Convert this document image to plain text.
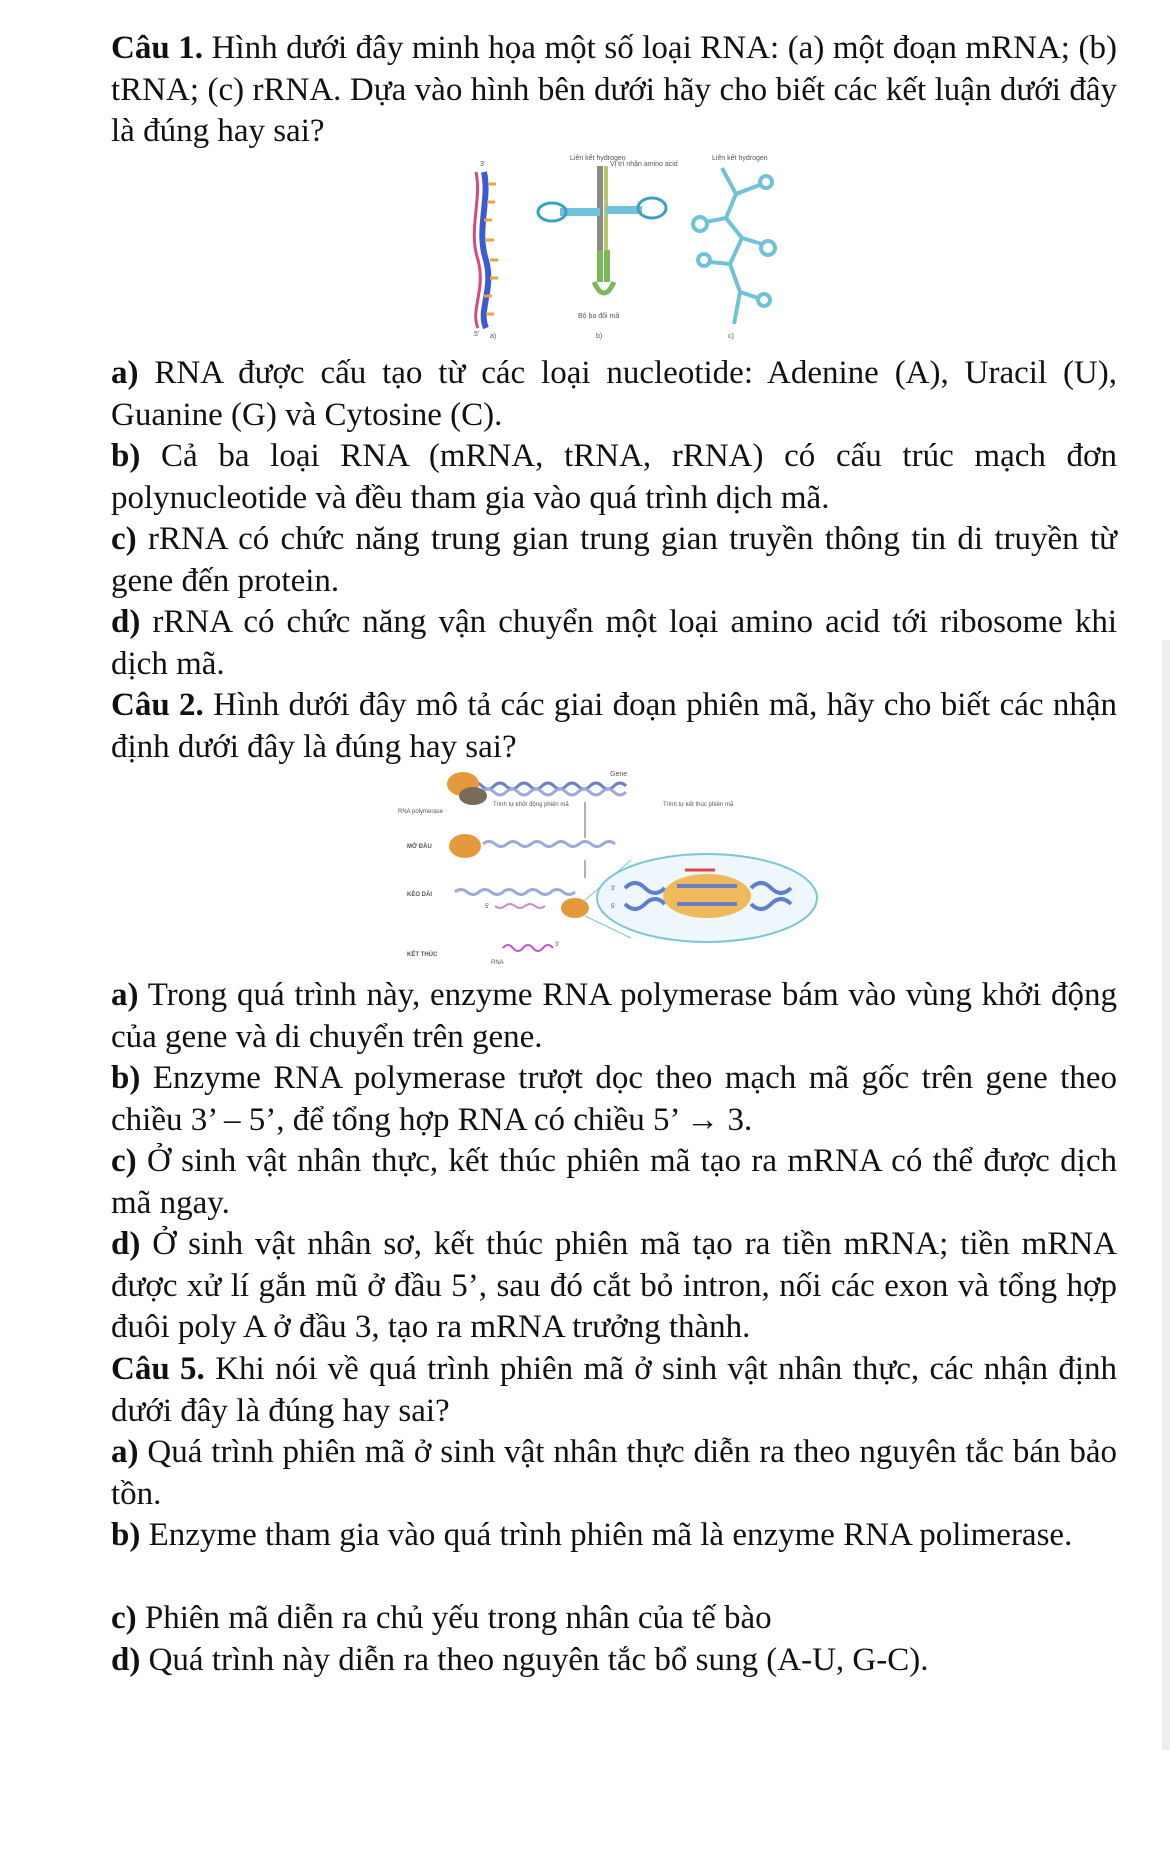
Câu 1. Hình dưới đây minh họa một số loại RNA: (a) một đoạn mRNA; (b) tRNA; (c) rRNA. Dựa vào hình bên dưới hãy cho biết các kết luận dưới đây là đúng hay sai?

3'
5'
Liên kết hydrogen
Vị trí nhận amino acid
Bộ ba đối mã
Liên kết hydrogen
a)	b)	c)

a) RNA được cấu tạo từ các loại nucleotide: Adenine (A), Uracil (U), Guanine (G) và Cytosine (C).

b) Cả ba loại RNA (mRNA, tRNA, rRNA) có cấu trúc mạch đơn polynucleotide và đều tham gia vào quá trình dịch mã.

c) rRNA có chức năng trung gian trung gian truyền thông tin di truyền từ gene đến protein.

d) rRNA có chức năng vận chuyển một loại amino acid tới ribosome khi dịch mã.

Câu 2. Hình dưới đây mô tả các giai đoạn phiên mã, hãy cho biết các nhận định dưới đây là đúng hay sai?

Gene
RNA polymerase
Trình tự khởi động phiên mã	Trình tự kết thúc phiên mã
MỞ ĐẦU
KÉO DÀI
5'
3'
5'
KẾT THÚC
RNA
3'

a) Trong quá trình này, enzyme RNA polymerase bám vào vùng khởi động của gene và di chuyển trên gene.

b) Enzyme RNA polymerase trượt dọc theo mạch mã gốc trên gene theo chiều 3’ – 5’, để tổng hợp RNA có chiều 5’ → 3.

c) Ở sinh vật nhân thực, kết thúc phiên mã tạo ra mRNA có thể được dịch mã ngay.

d) Ở sinh vật nhân sơ, kết thúc phiên mã tạo ra tiền mRNA; tiền mRNA được xử lí gắn mũ ở đầu 5’, sau đó cắt bỏ intron, nối các exon và tổng hợp đuôi poly A ở đầu 3, tạo ra mRNA trưởng thành.

Câu 5. Khi nói về quá trình phiên mã ở sinh vật nhân thực, các nhận định dưới đây là đúng hay sai?

a) Quá trình phiên mã ở sinh vật nhân thực diễn ra theo nguyên tắc bán bảo tồn.

b) Enzyme tham gia vào quá trình phiên mã là enzyme RNA polimerase.

c) Phiên mã diễn ra chủ yếu trong nhân của tế bào

d) Quá trình này diễn ra theo nguyên tắc bổ sung (A-U, G-C).
